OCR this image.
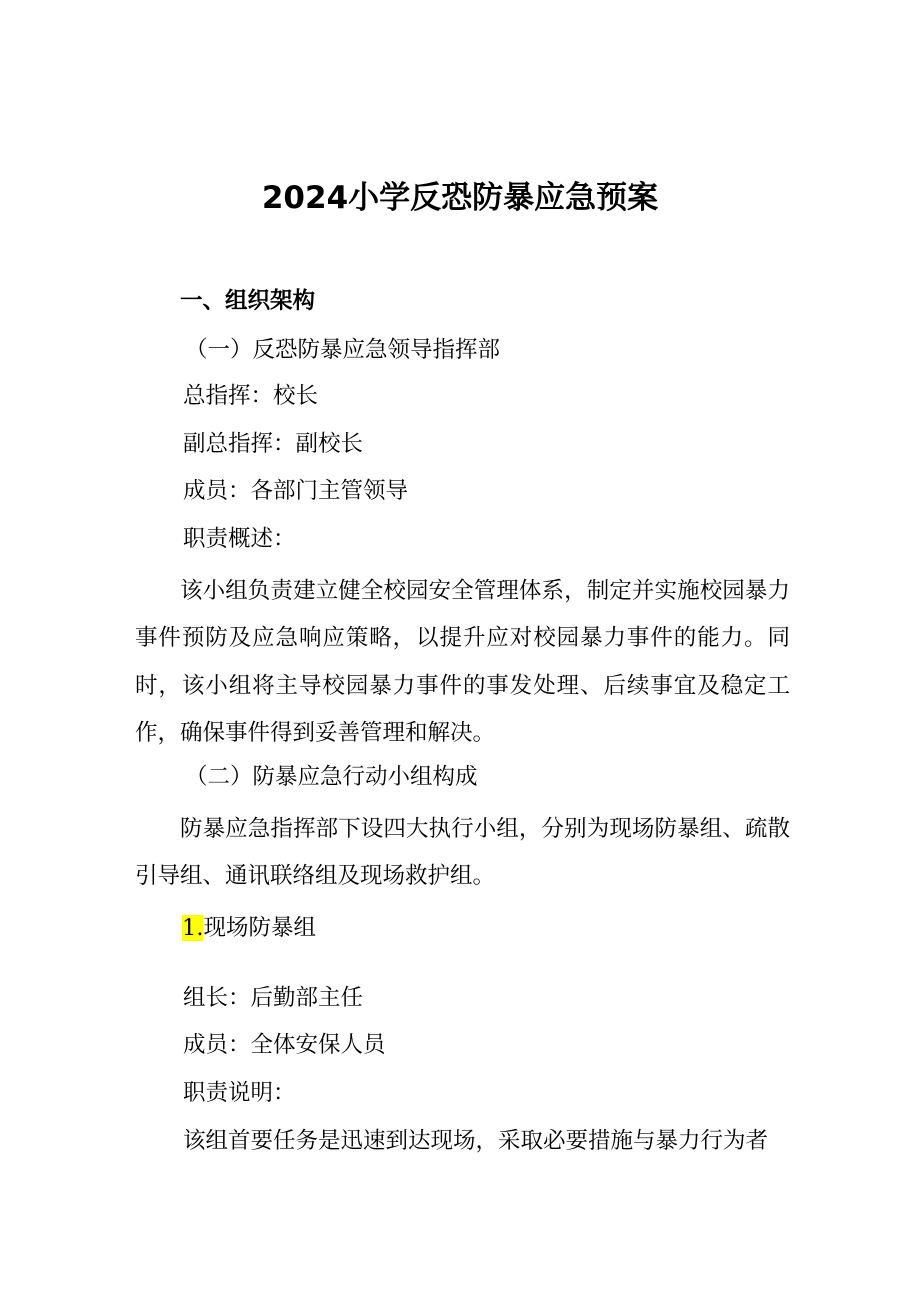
2024小学反恐防暴应急预案

一、组织架构

（一）反恐防暴应急领导指挥部

总指挥：校长

副总指挥：副校长

成员：各部门主管领导

职责概述：

该小组负责建立健全校园安全管理体系，制定并实施校园暴力事件预防及应急响应策略，以提升应对校园暴力事件的能力。同时，该小组将主导校园暴力事件的事发处理、后续事宜及稳定工作，确保事件得到妥善管理和解决。

（二）防暴应急行动小组构成

防暴应急指挥部下设四大执行小组，分别为现场防暴组、疏散引导组、通讯联络组及现场救护组。

1.现场防暴组

组长：后勤部主任

成员：全体安保人员

职责说明：

该组首要任务是迅速到达现场，采取必要措施与暴力行为者
